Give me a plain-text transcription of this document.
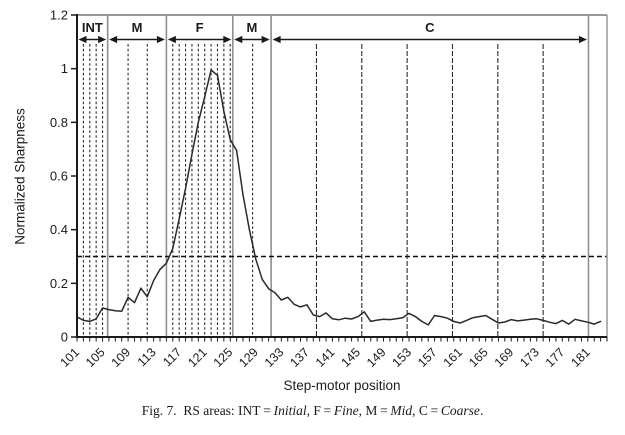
0
0.2
0.4
0.6
0.8
1
1.2
101 105 109 113 117 121 125 129 133 137 141 145 149 153 157 161 165 169 173 177 181
INT M	F	M	C
Normalized Sharpness
Step-motor position
Fig. 7.  RS areas: INT = Initial, F = Fine, M = Mid, C = Coarse.
